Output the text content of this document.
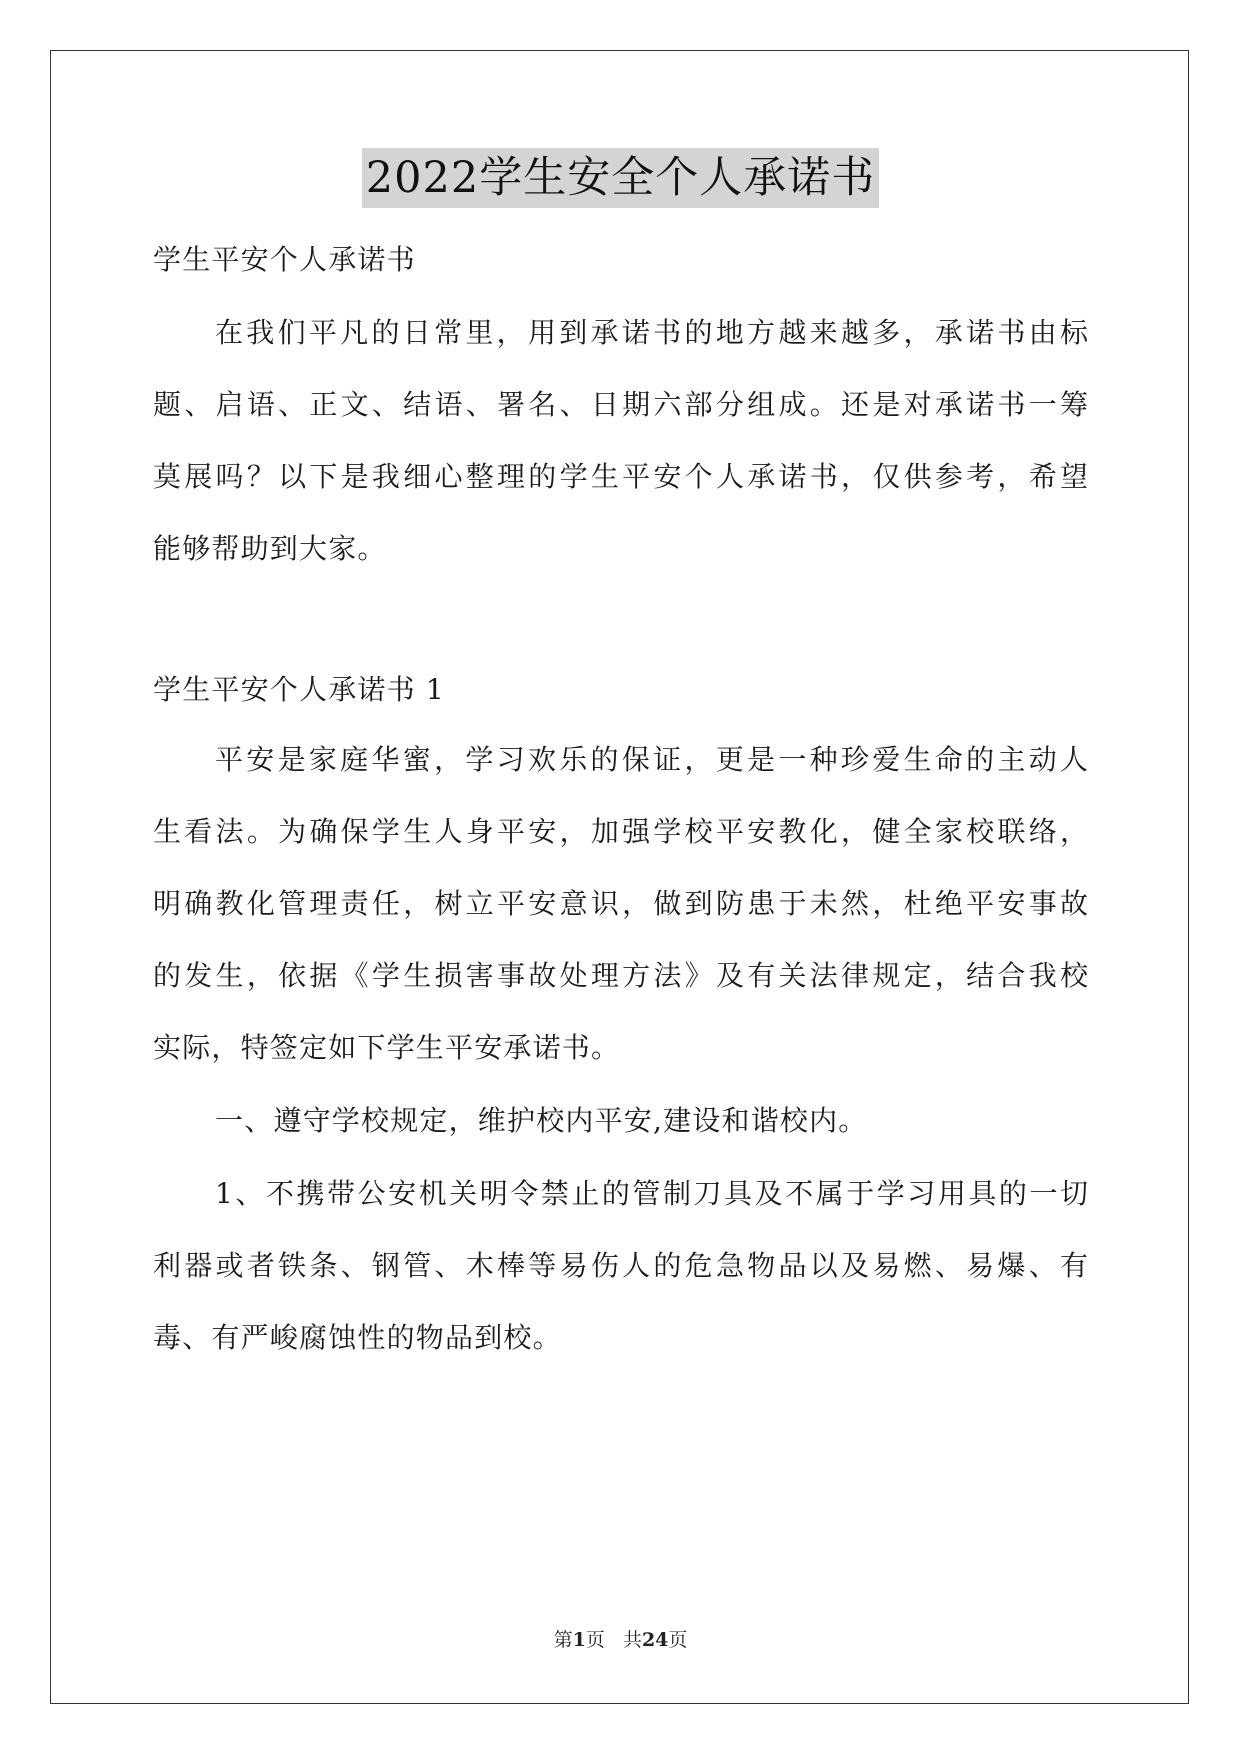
2022学生安全个人承诺书
学生平安个人承诺书
在我们平凡的日常里，用到承诺书的地方越来越多，承诺书由标
题、启语、正文、结语、署名、日期六部分组成。还是对承诺书一筹
莫展吗？以下是我细心整理的学生平安个人承诺书，仅供参考，希望
能够帮助到大家。
学生平安个人承诺书 1
平安是家庭华蜜，学习欢乐的保证，更是一种珍爱生命的主动人
生看法。为确保学生人身平安，加强学校平安教化，健全家校联络，
明确教化管理责任，树立平安意识，做到防患于未然，杜绝平安事故
的发生，依据《学生损害事故处理方法》及有关法律规定，结合我校
实际，特签定如下学生平安承诺书。
一、遵守学校规定，维护校内平安,建设和谐校内。
1、不携带公安机关明令禁止的管制刀具及不属于学习用具的一切
利器或者铁条、钢管、木棒等易伤人的危急物品以及易燃、易爆、有
毒、有严峻腐蚀性的物品到校。
第1页   共24页
